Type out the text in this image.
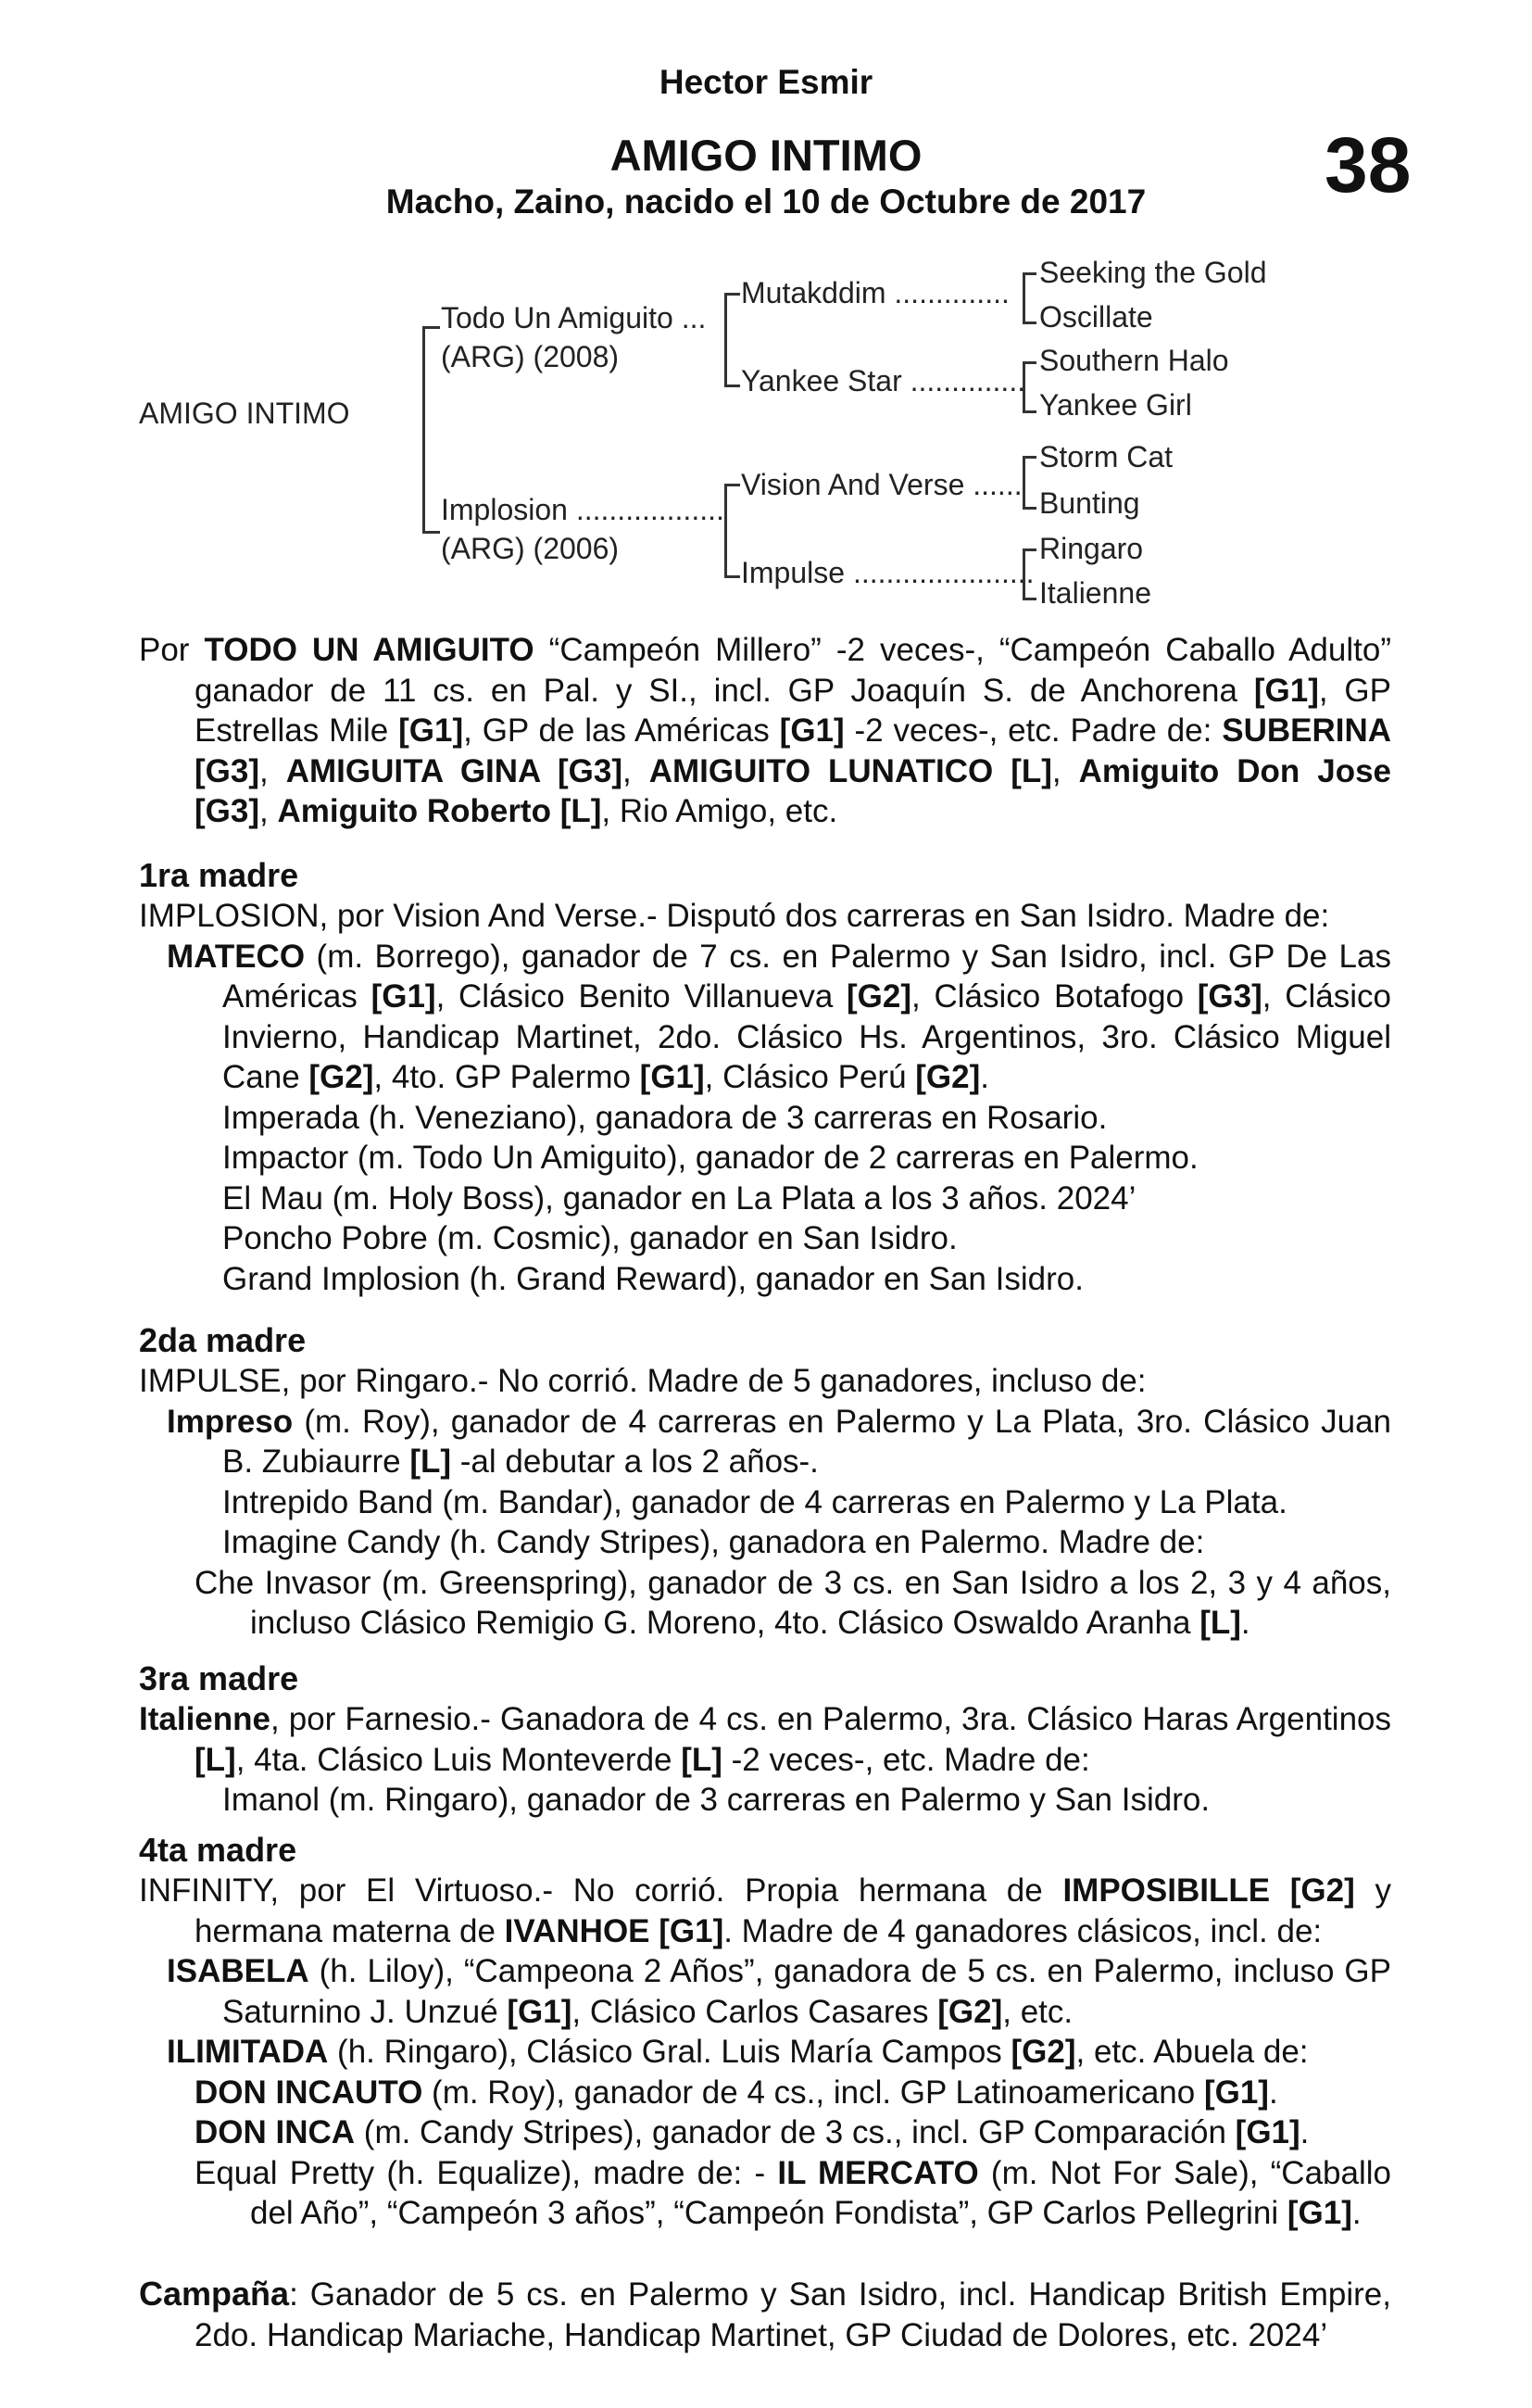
Hector Esmir
AMIGO INTIMO	38
Macho, Zaino, nacido el 10 de Octubre de 2017
AMIGO INTIMO
Todo Un Amiguito ...
(ARG) (2008)
Implosion ..................
(ARG) (2006)
Mutakddim ..............
Yankee Star ..............
Vision And Verse ......
Impulse ......................
Seeking the Gold
Oscillate
Southern Halo
Yankee Girl
Storm Cat
Bunting
Ringaro
Italienne

Por TODO UN AMIGUITO “Campeón Millero” -2 veces-, “Campeón Caballo Adulto” ganador de 11 cs. en Pal. y SI., incl. GP Joaquín S. de Anchorena [G1], GP Estrellas Mile [G1], GP de las Américas [G1] -2 veces-, etc. Padre de: SUBERINA [G3], AMIGUITA GINA [G3], AMIGUITO LUNATICO [L], Amiguito Don Jose [G3], Amiguito Roberto [L], Rio Amigo, etc.

1ra madre

IMPLOSION, por Vision And Verse.- Disputó dos carreras en San Isidro. Madre de:

MATECO (m. Borrego), ganador de 7 cs. en Palermo y San Isidro, incl. GP De Las Américas [G1], Clásico Benito Villanueva [G2], Clásico Botafogo [G3], Clásico Invierno, Handicap Martinet, 2do. Clásico Hs. Argentinos, 3ro. Clásico Miguel Cane [G2], 4to. GP Palermo [G1], Clásico Perú [G2].

Imperada (h. Veneziano), ganadora de 3 carreras en Rosario.

Impactor (m. Todo Un Amiguito), ganador de 2 carreras en Palermo.

El Mau (m. Holy Boss), ganador en La Plata a los 3 años. 2024’

Poncho Pobre (m. Cosmic), ganador en San Isidro.

Grand Implosion (h. Grand Reward), ganador en San Isidro.

2da madre

IMPULSE, por Ringaro.- No corrió. Madre de 5 ganadores, incluso de:

Impreso (m. Roy), ganador de 4 carreras en Palermo y La Plata, 3ro. Clásico Juan B. Zubiaurre [L] -al debutar a los 2 años-.

Intrepido Band (m. Bandar), ganador de 4 carreras en Palermo y La Plata.

Imagine Candy (h. Candy Stripes), ganadora en Palermo. Madre de:

Che Invasor (m. Greenspring), ganador de 3 cs. en San Isidro a los 2, 3 y 4 años, incluso Clásico Remigio G. Moreno, 4to. Clásico Oswaldo Aranha [L].

3ra madre

Italienne, por Farnesio.- Ganadora de 4 cs. en Palermo, 3ra. Clásico Haras Argentinos [L], 4ta. Clásico Luis Monteverde [L] -2 veces-, etc. Madre de:

Imanol (m. Ringaro), ganador de 3 carreras en Palermo y San Isidro.

4ta madre

INFINITY, por El Virtuoso.- No corrió. Propia hermana de IMPOSIBILLE [G2] y hermana materna de IVANHOE [G1]. Madre de 4 ganadores clásicos, incl. de:

ISABELA (h. Liloy), “Campeona 2 Años”, ganadora de 5 cs. en Palermo, incluso GP Saturnino J. Unzué [G1], Clásico Carlos Casares [G2], etc.

ILIMITADA (h. Ringaro), Clásico Gral. Luis María Campos [G2], etc. Abuela de:

DON INCAUTO (m. Roy), ganador de 4 cs., incl. GP Latinoamericano [G1].

DON INCA (m. Candy Stripes), ganador de 3 cs., incl. GP Comparación [G1].

Equal Pretty (h. Equalize), madre de: - IL MERCATO (m. Not For Sale), “Caballo del Año”, “Campeón 3 años”, “Campeón Fondista”, GP Carlos Pellegrini [G1].

Campaña: Ganador de 5 cs. en Palermo y San Isidro, incl. Handicap British Empire, 2do. Handicap Mariache, Handicap Martinet, GP Ciudad de Dolores, etc. 2024’
